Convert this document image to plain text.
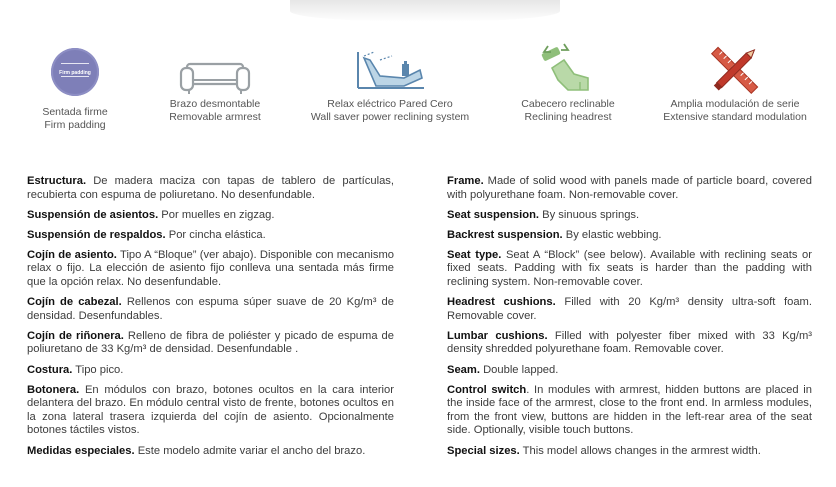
Firm padding
Sentada firme
Firm padding
Brazo desmontable
Removable armrest
Relax eléctrico Pared Cero
Wall saver power reclining system
Cabecero reclinable
Reclining headrest
Amplia modulación de serie
Extensive standard modulation

Estructura. De madera maciza con tapas de tablero de partículas, recubierta con espuma de poliuretano. No desenfundable.

Suspensión de asientos. Por muelles en zigzag.

Suspensión de respaldos. Por cincha elástica.

Cojín de asiento. Tipo A “Bloque” (ver abajo). Disponible con mecanismo relax o fijo. La elección de asiento fijo conlleva una sentada más firme que la opción relax. No desenfundable.

Cojín de cabezal. Rellenos con espuma súper suave de 20 Kg/m³ de densidad. Desenfundables.

Cojín de riñonera. Relleno de fibra de poliéster y picado de espuma de poliuretano de 33 Kg/m³ de densidad. Desenfundable .

Costura. Tipo pico.

Botonera. En módulos con brazo, botones ocultos en la cara interior delantera del brazo. En módulo central visto de frente, botones ocultos en la zona lateral trasera izquierda del cojín de asiento. Opcionalmente botones táctiles vistos.

Medidas especiales. Este modelo admite variar el ancho del brazo.

Frame. Made of solid wood with panels made of particle board, covered with polyurethane foam. Non-removable cover.

Seat suspension. By sinuous springs.

Backrest suspension. By elastic webbing.

Seat type. Seat A “Block” (see below). Available with reclining seats or fixed seats. Padding with fix seats is harder than the padding with reclining system. Non-removable cover.

Headrest cushions. Filled with 20 Kg/m³ density ultra-soft foam. Removable cover.

Lumbar cushions. Filled with polyester fiber mixed with 33 Kg/m³ density shredded polyurethane foam. Removable cover.

Seam. Double lapped.

Control switch. In modules with armrest, hidden buttons are placed in the inside face of the armrest, close to the front end. In armless modules, from the front view, buttons are hidden in the left-rear area of the seat side. Optionally, visible touch buttons.

Special sizes. This model allows changes in the armrest width.
